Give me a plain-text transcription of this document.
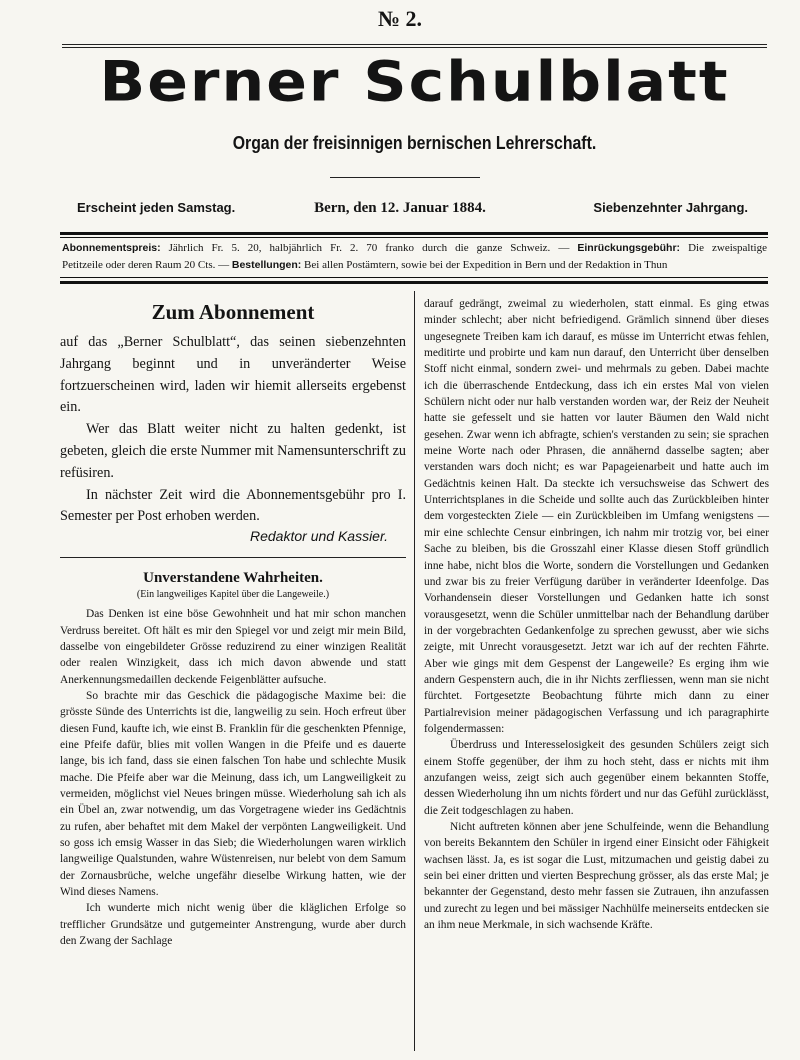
№ 2.
Berner Schulblatt
Organ der freisinnigen bernischen Lehrerschaft.
Erscheint jeden Samstag.	Bern, den 12. Januar 1884.	Siebenzehnter Jahrgang.
Abonnementspreis: Jährlich Fr. 5. 20, halbjährlich Fr. 2. 70 franko durch die ganze Schweiz. — Einrückungsgebühr: Die zweispaltige
Petitzeile oder deren Raum 20 Cts. — Bestellungen: Bei allen Postämtern, sowie bei der Expedition in Bern und der Redaktion in Thun
Zum Abonnement

auf das „Berner Schulblatt“, das seinen siebenzehnten Jahrgang beginnt und in unveränderter Weise fortzuerscheinen wird, laden wir hiemit allerseits ergebenst ein.

Wer das Blatt weiter nicht zu halten gedenkt, ist gebeten, gleich die erste Nummer mit Namensunterschrift zu refüsiren.

In nächster Zeit wird die Abonnementsgebühr pro I. Semester per Post erhoben werden.

Redaktor und Kassier.
Unverstandene Wahrheiten.
(Ein langweiliges Kapitel über die Langeweile.)

Das Denken ist eine böse Gewohnheit und hat mir schon manchen Verdruss bereitet. Oft hält es mir den Spiegel vor und zeigt mir mein Bild, dasselbe von eingebildeter Grösse reduzirend zu einer winzigen Realität oder realen Winzigkeit, dass ich mich davon abwende und statt Anerkennungsmedaillen deckende Feigenblätter aufsuche.

So brachte mir das Geschick die pädagogische Maxime bei: die grösste Sünde des Unterrichts ist die, langweilig zu sein. Hoch erfreut über diesen Fund, kaufte ich, wie einst B. Franklin für die geschenkten Pfennige, eine Pfeife dafür, blies mit vollen Wangen in die Pfeife und es dauerte lange, bis ich fand, dass sie einen falschen Ton habe und schlechte Musik mache. Die Pfeife aber war die Meinung, dass ich, um Langweiligkeit zu vermeiden, möglichst viel Neues bringen müsse. Wiederholung sah ich als ein Übel an, zwar notwendig, um das Vorgetragene wieder ins Gedächtnis zu rufen, aber behaftet mit dem Makel der verpönten Langweiligkeit. Und so goss ich emsig Wasser in das Sieb; die Wiederholungen waren wirklich langweilige Qualstunden, wahre Wüstenreisen, nur belebt von dem Samum der Zornausbrüche, welche ungefähr dieselbe Wirkung hatten, wie der Wind dieses Namens.

Ich wunderte mich nicht wenig über die kläglichen Erfolge so trefflicher Grundsätze und gutgemeinter Anstrengung, wurde aber durch den Zwang der Sachlage

darauf gedrängt, zweimal zu wiederholen, statt einmal. Es ging etwas minder schlecht; aber nicht befriedigend. Grämlich sinnend über dieses ungesegnete Treiben kam ich darauf, es müsse im Unterricht etwas fehlen, meditirte und probirte und kam nun darauf, den Unterricht über denselben Stoff nicht einmal, sondern zwei- und mehrmals zu geben. Dabei machte ich die überraschende Entdeckung, dass ich ein erstes Mal von vielen Schülern nicht oder nur halb verstanden worden war, der Reiz der Neuheit hatte sie gefesselt und sie hatten vor lauter Bäumen den Wald nicht gesehen. Zwar wenn ich abfragte, schien's verstanden zu sein; sie sprachen meine Worte nach oder Phrasen, die annähernd dasselbe sagten; aber verstanden wars doch nicht; es war Papageienarbeit und hatte auch im Gedächtnis keinen Halt. Da steckte ich versuchsweise das Schwert des Unterrichtsplanes in die Scheide und sollte auch das Zurückbleiben hinter dem vorgesteckten Ziele — ein Zurückbleiben im Umfang wenigstens — mir eine schlechte Censur einbringen, ich nahm mir trotzig vor, bei einer Sache zu bleiben, bis die Grosszahl einer Klasse diesen Stoff gründlich inne habe, nicht blos die Worte, sondern die Vorstellungen und Gedanken und zwar bis zu freier Verfügung darüber in veränderter Ideenfolge. Das Vorhandensein dieser Vorstellungen und Gedanken hatte ich sonst vorausgesetzt, wenn die Schüler unmittelbar nach der Behandlung darüber in der vorgebrachten Gedankenfolge zu sprechen gewusst, aber wie sichs zeigte, mit Unrecht vorausgesetzt. Jetzt war ich auf der rechten Fährte. Aber wie gings mit dem Gespenst der Langeweile? Es erging ihm wie andern Gespenstern auch, die in ihr Nichts zerfliessen, wenn man sie nicht fürchtet. Fortgesetzte Beobachtung führte mich dann zu einer Partialrevision meiner pädagogischen Verfassung und ich paragraphirte folgendermassen:

Überdruss und Interesselosigkeit des gesunden Schülers zeigt sich einem Stoffe gegenüber, der ihm zu hoch steht, dass er nichts mit ihm anzufangen weiss, zeigt sich auch gegenüber einem bekannten Stoffe, dessen Wiederholung ihn um nichts fördert und nur das Gefühl zurücklässt, die Zeit todgeschlagen zu haben.

Nicht auftreten können aber jene Schulfeinde, wenn die Behandlung von bereits Bekanntem den Schüler in irgend einer Einsicht oder Fähigkeit wachsen lässt. Ja, es ist sogar die Lust, mitzumachen und geistig dabei zu sein bei einer dritten und vierten Besprechung grösser, als das erste Mal; je bekannter der Gegenstand, desto mehr fassen sie Zutrauen, ihn anzufassen und zurecht zu legen und bei mässiger Nachhülfe meinerseits entdecken sie an ihm neue Merkmale, in sich wachsende Kräfte.
